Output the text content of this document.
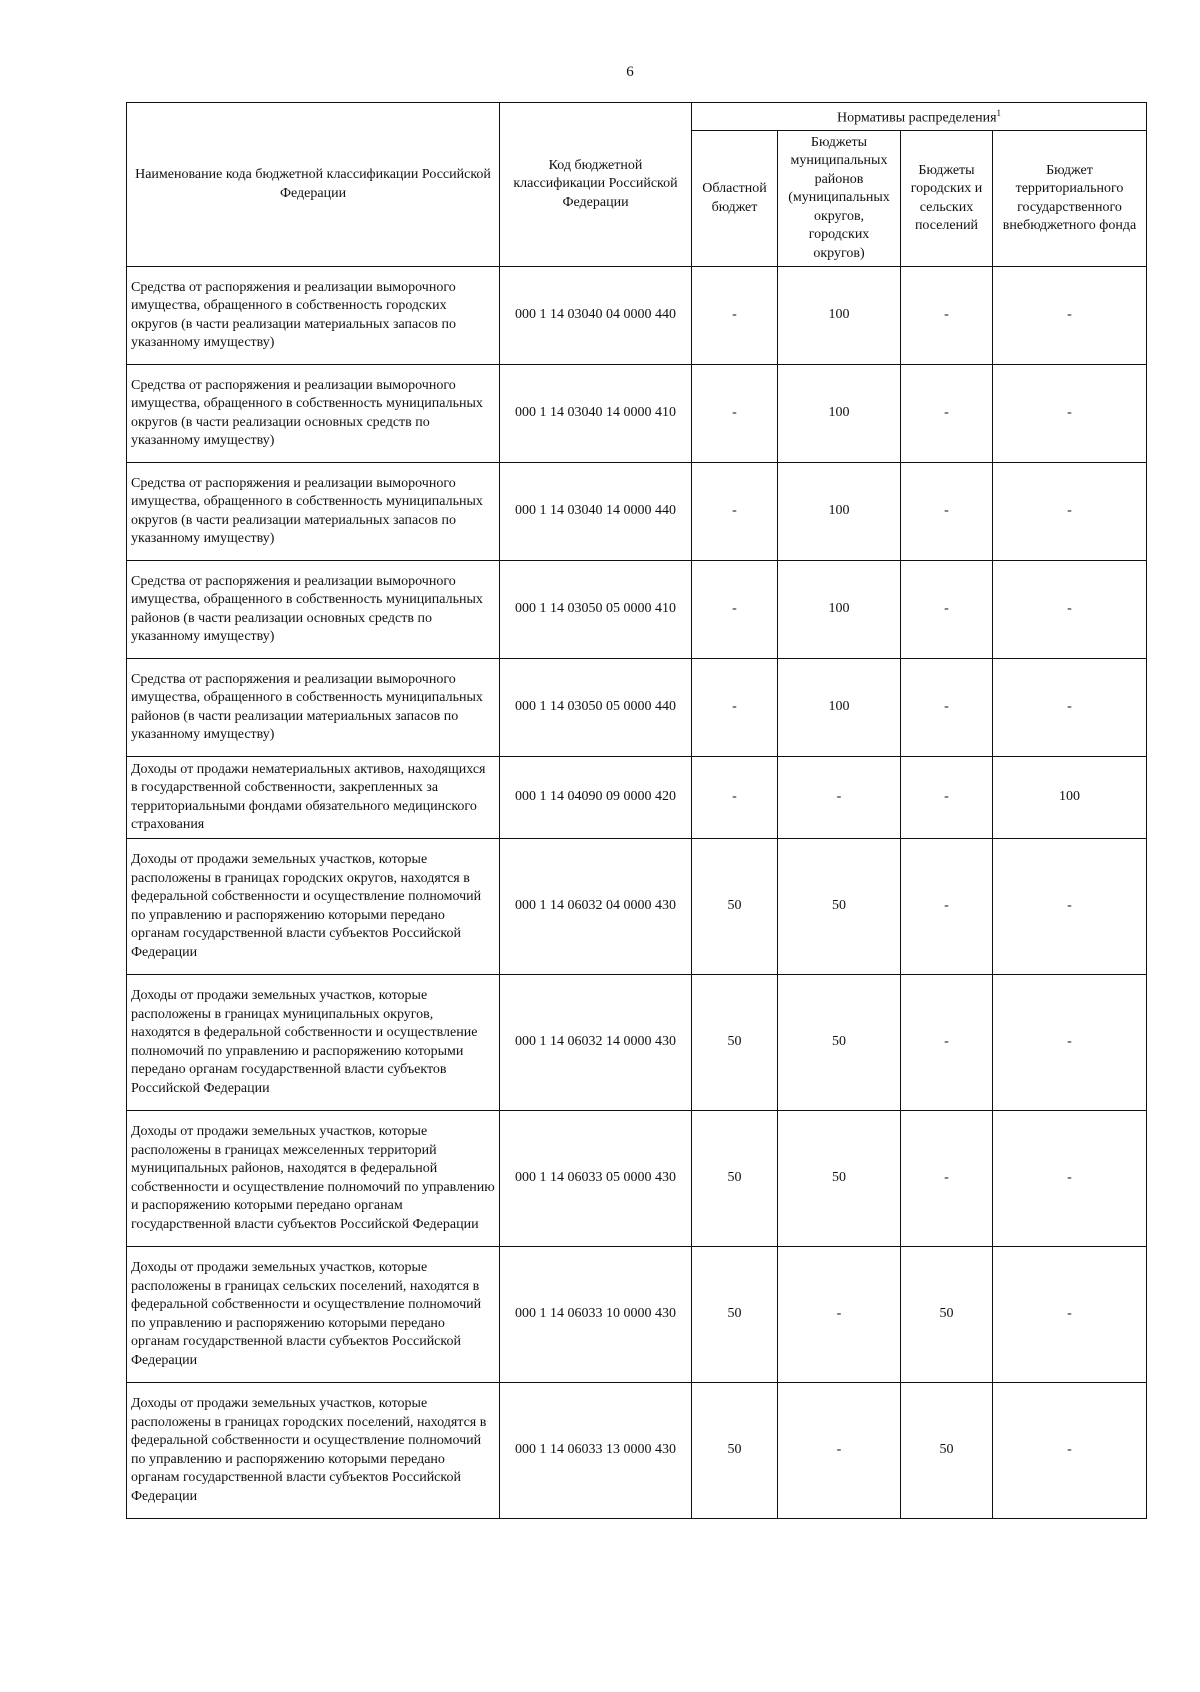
6
Наименование кода бюджетной классификации Российской Федерации	Код бюджетной классификации Российской Федерации	Нормативы распределения$^1$
		Областной бюджет	Бюджеты муниципальных районов (муниципальных округов, городских округов)	Бюджеты городских и сельских поселений	Бюджет территориального государственного внебюджетного фонда
Средства от распоряжения и реализации выморочного имущества, обращенного в собственность городских округов (в части реализации материальных запасов по указанному имуществу)	000 1 14 03040 04 0000 440	-	100	-	-
Средства от распоряжения и реализации выморочного имущества, обращенного в собственность муниципальных округов (в части реализации основных средств по указанному имуществу)	000 1 14 03040 14 0000 410	-	100	-	-
Средства от распоряжения и реализации выморочного имущества, обращенного в собственность муниципальных округов (в части реализации материальных запасов по указанному имуществу)	000 1 14 03040 14 0000 440	-	100	-	-
Средства от распоряжения и реализации выморочного имущества, обращенного в собственность муниципальных районов (в части реализации основных средств по указанному имуществу)	000 1 14 03050 05 0000 410	-	100	-	-
Средства от распоряжения и реализации выморочного имущества, обращенного в собственность муниципальных районов (в части реализации материальных запасов по указанному имуществу)	000 1 14 03050 05 0000 440	-	100	-	-
Доходы от продажи нематериальных активов, находящихся в государственной собственности, закрепленных за территориальными фондами обязательного медицинского страхования	000 1 14 04090 09 0000 420	-	-	-	100
Доходы от продажи земельных участков, которые расположены в границах городских округов, находятся в федеральной собственности и осуществление полномочий по управлению и распоряжению которыми передано органам государственной власти субъектов Российской Федерации	000 1 14 06032 04 0000 430	50	50	-	-
Доходы от продажи земельных участков, которые расположены в границах муниципальных округов, находятся в федеральной собственности и осуществление полномочий по управлению и распоряжению которыми передано органам государственной власти субъектов Российской Федерации	000 1 14 06032 14 0000 430	50	50	-	-
Доходы от продажи земельных участков, которые расположены в границах межселенных территорий муниципальных районов, находятся в федеральной собственности и осуществление полномочий по управлению и распоряжению которыми передано органам государственной власти субъектов Российской Федерации	000 1 14 06033 05 0000 430	50	50	-	-
Доходы от продажи земельных участков, которые расположены в границах сельских поселений, находятся в федеральной собственности и осуществление полномочий по управлению и распоряжению которыми передано органам государственной власти субъектов Российской Федерации	000 1 14 06033 10 0000 430	50	-	50	-
Доходы от продажи земельных участков, которые расположены в границах городских поселений, находятся в федеральной собственности и осуществление полномочий по управлению и распоряжению которыми передано органам государственной власти субъектов Российской Федерации	000 1 14 06033 13 0000 430	50	-	50	-
